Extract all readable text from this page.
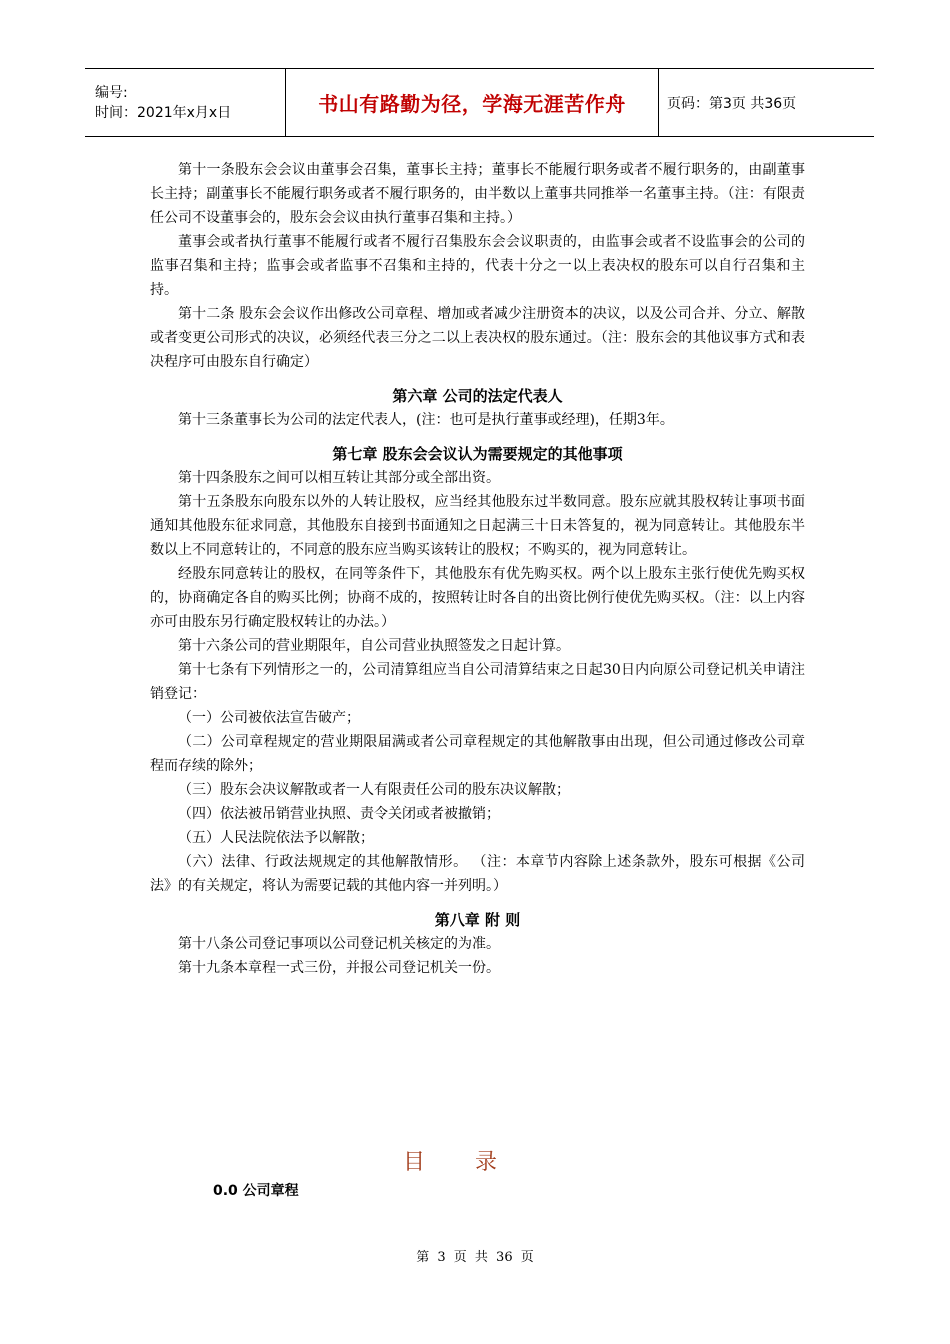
编号:
时间：2021年x月x日	书山有路勤为径，学海无涯苦作舟	页码：第3页 共36页

第十一条股东会会议由董事会召集，董事长主持；董事长不能履行职务或者不履行职务的，由副董事长主持；副董事长不能履行职务或者不履行职务的，由半数以上董事共同推举一名董事主持。（注：有限责任公司不设董事会的，股东会会议由执行董事召集和主持。）

董事会或者执行董事不能履行或者不履行召集股东会会议职责的，由监事会或者不设监事会的公司的监事召集和主持；监事会或者监事不召集和主持的，代表十分之一以上表决权的股东可以自行召集和主持。

第十二条 股东会会议作出修改公司章程、增加或者减少注册资本的决议，以及公司合并、分立、解散或者变更公司形式的决议，必须经代表三分之二以上表决权的股东通过。（注：股东会的其他议事方式和表决程序可由股东自行确定）

第六章 公司的法定代表人

第十三条董事长为公司的法定代表人，(注：也可是执行董事或经理)，任期3年。

第七章 股东会会议认为需要规定的其他事项

第十四条股东之间可以相互转让其部分或全部出资。

第十五条股东向股东以外的人转让股权，应当经其他股东过半数同意。股东应就其股权转让事项书面通知其他股东征求同意，其他股东自接到书面通知之日起满三十日未答复的，视为同意转让。其他股东半数以上不同意转让的，不同意的股东应当购买该转让的股权；不购买的，视为同意转让。

经股东同意转让的股权，在同等条件下，其他股东有优先购买权。两个以上股东主张行使优先购买权的，协商确定各自的购买比例；协商不成的，按照转让时各自的出资比例行使优先购买权。（注：以上内容亦可由股东另行确定股权转让的办法。）

第十六条公司的营业期限年，自公司营业执照签发之日起计算。

第十七条有下列情形之一的，公司清算组应当自公司清算结束之日起30日内向原公司登记机关申请注销登记：

（一）公司被依法宣告破产；

（二）公司章程规定的营业期限届满或者公司章程规定的其他解散事由出现，但公司通过修改公司章程而存续的除外；

（三）股东会决议解散或者一人有限责任公司的股东决议解散；

（四）依法被吊销营业执照、责令关闭或者被撤销；

（五）人民法院依法予以解散；

（六）法律、行政法规规定的其他解散情形。 （注：本章节内容除上述条款外，股东可根据《公司法》的有关规定，将认为需要记载的其他内容一并列明。）

第八章 附 则

第十八条公司登记事项以公司登记机关核定的为准。

第十九条本章程一式三份，并报公司登记机关一份。

目录
0.0 公司章程
第 3 页 共 36 页
